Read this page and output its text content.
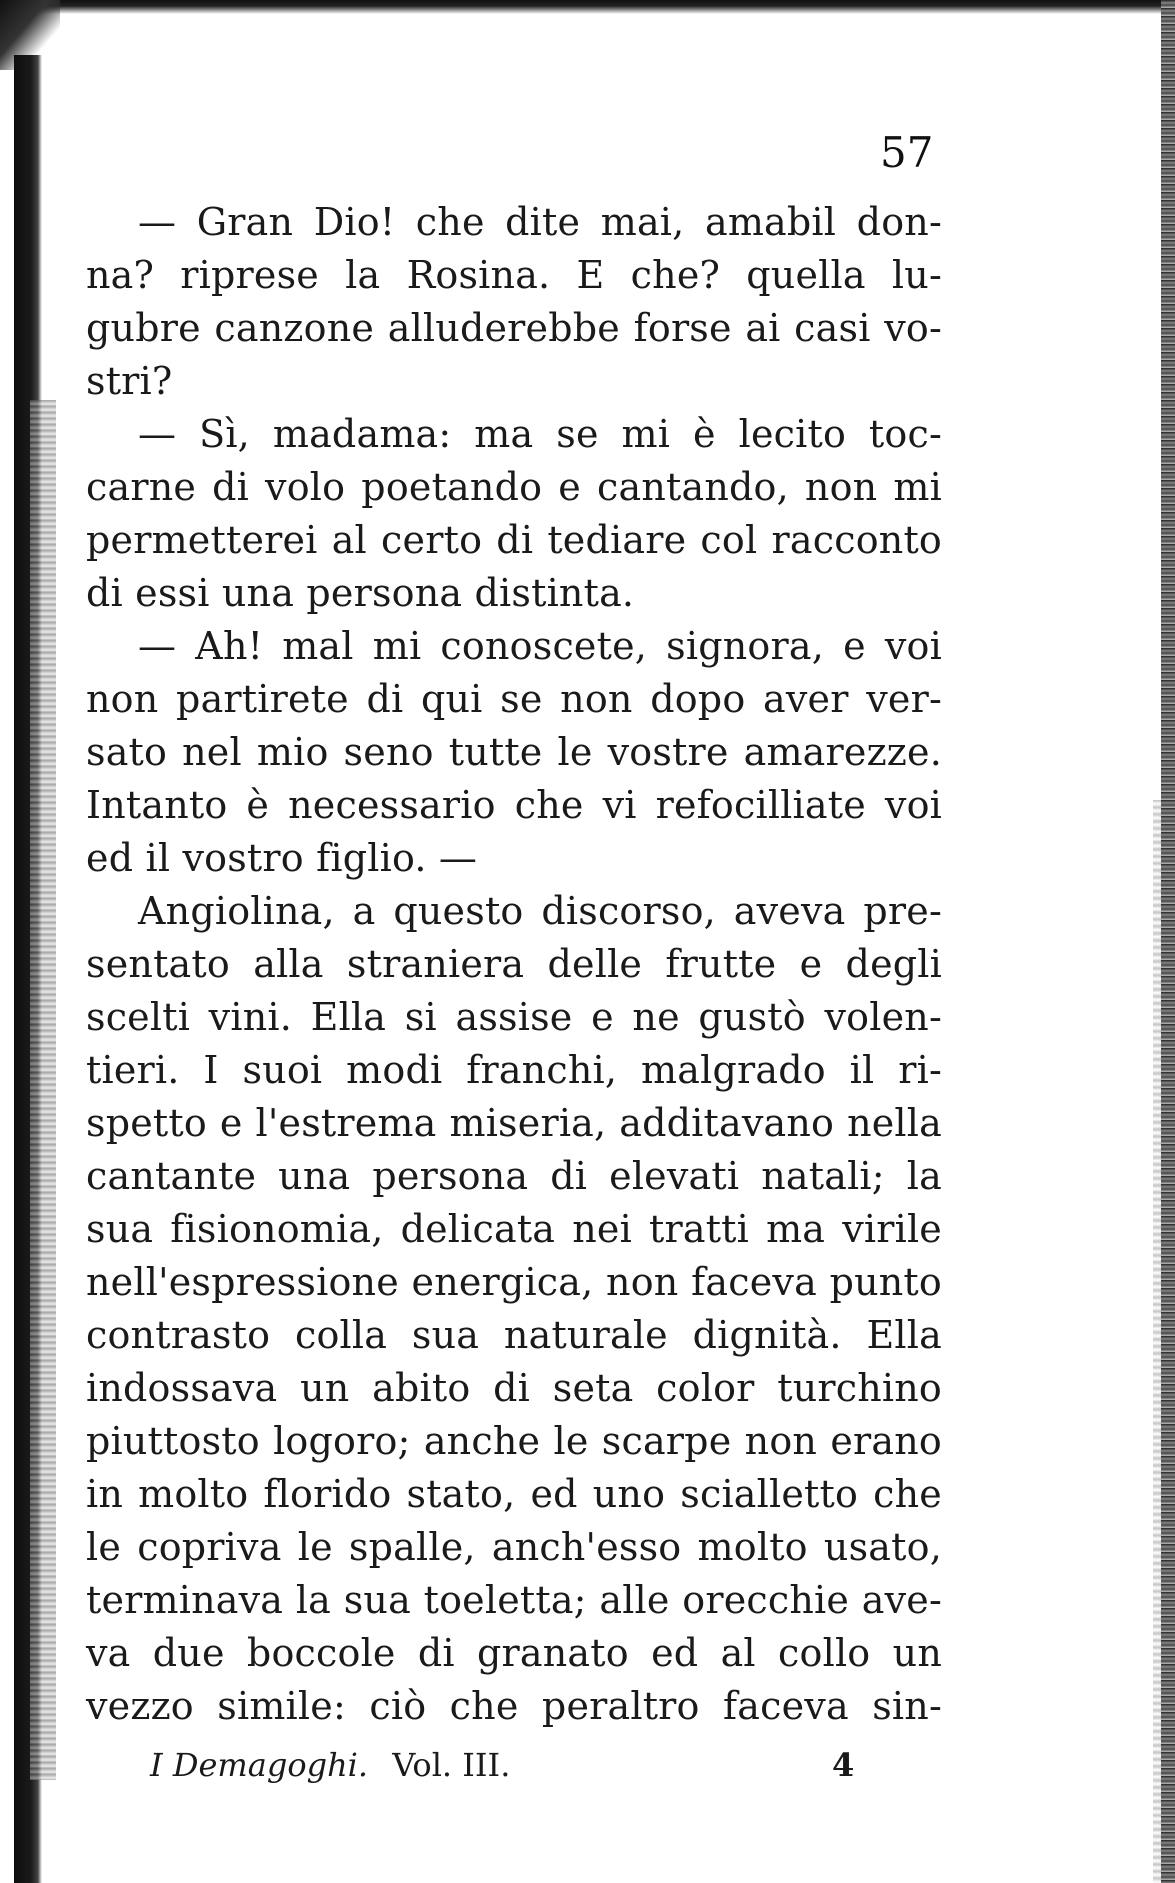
57
— Gran Dio! che dite mai, amabil don-
na? riprese la Rosina. E che? quella lu-
gubre canzone alluderebbe forse ai casi vo-
stri?
— Sì, madama: ma se mi è lecito toc-
carne di volo poetando e cantando, non mi
permetterei al certo di tediare col racconto
di essi una persona distinta.
— Ah! mal mi conoscete, signora, e voi
non partirete di qui se non dopo aver ver-
sato nel mio seno tutte le vostre amarezze.
Intanto è necessario che vi refocilliate voi
ed il vostro figlio. —
Angiolina, a questo discorso, aveva pre-
sentato alla straniera delle frutte e degli
scelti vini. Ella si assise e ne gustò volen-
tieri. I suoi modi franchi, malgrado il ri-
spetto e l'estrema miseria, additavano nella
cantante una persona di elevati natali; la
sua fisionomia, delicata nei tratti ma virile
nell'espressione energica, non faceva punto
contrasto colla sua naturale dignità. Ella
indossava un abito di seta color turchino
piuttosto logoro; anche le scarpe non erano
in molto florido stato, ed uno scialletto che
le copriva le spalle, anch'esso molto usato,
terminava la sua toeletta; alle orecchie ave-
va due boccole di granato ed al collo un
vezzo simile: ciò che peraltro faceva sin-
I Demagoghi. Vol. III.	4
